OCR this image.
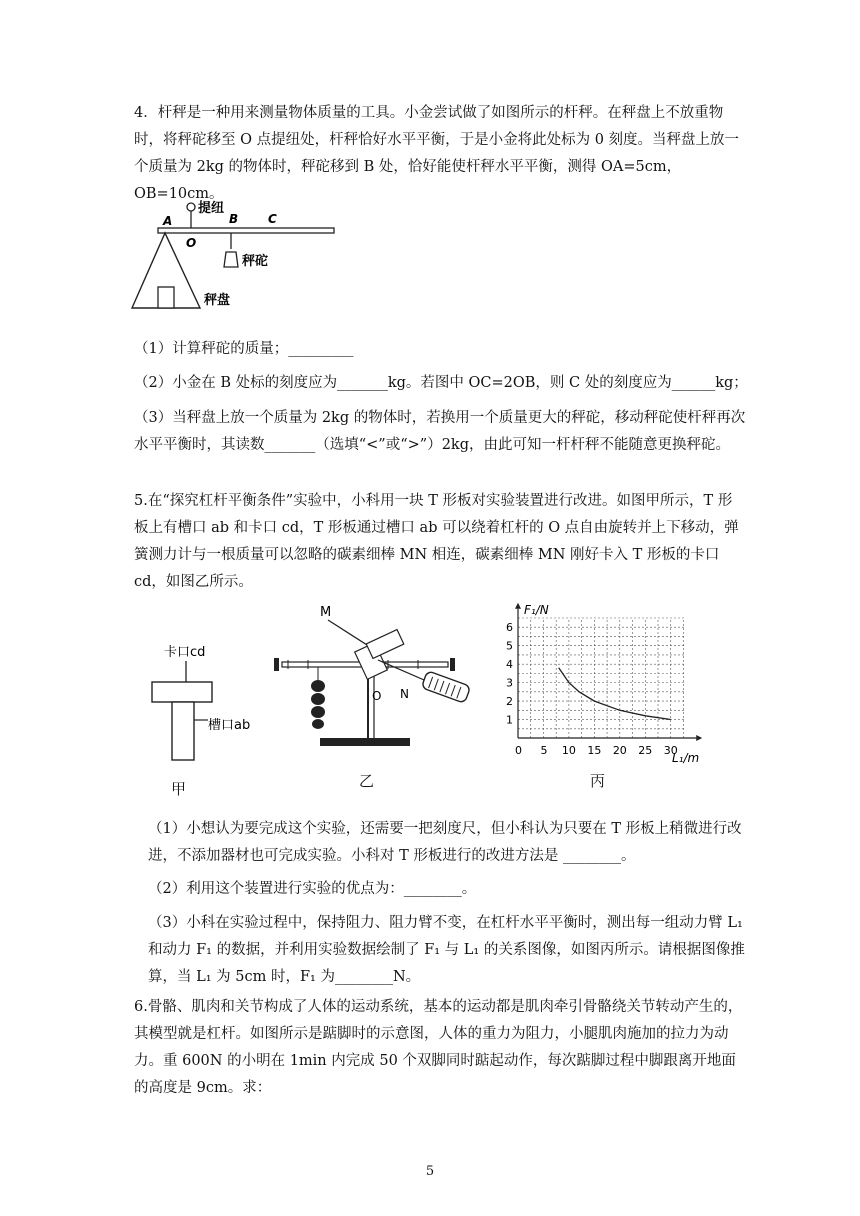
4．杆秤是一种用来测量物体质量的工具。小金尝试做了如图所示的杆秤。在秤盘上不放重物时，将秤砣移至 O 点提纽处，杆秤恰好水平平衡，于是小金将此处标为 0 刻度。当秤盘上放一个质量为 2kg 的物体时，秤砣移到 B 处，恰好能使杆秤水平平衡，测得 OA=5cm，OB=10cm。
提纽
A	B C
O
秤砣
秤盘
（1）计算秤砣的质量；_________
（2）小金在 B 处标的刻度应为_______kg。若图中 OC=2OB，则 C 处的刻度应为______kg；
（3）当秤盘上放一个质量为 2kg 的物体时，若换用一个质量更大的秤砣，移动秤砣使杆秤再次水平平衡时，其读数_______（选填“<”或“>”）2kg，由此可知一杆杆秤不能随意更换秤砣。
5.在“探究杠杆平衡条件”实验中，小科用一块 T 形板对实验装置进行改进。如图甲所示，T 形板上有槽口 ab 和卡口 cd，T 形板通过槽口 ab 可以绕着杠杆的 O 点自由旋转并上下移动，弹簧测力计与一根质量可以忽略的碳素细棒 MN 相连，碳素细棒 MN 刚好卡入 T 形板的卡口 cd，如图乙所示。
卡口cd
槽口ab
甲
M
O N
乙
0 5 10 15 20 25 30
1
2
3
4
5
6
F₁/N
L₁/m
丙
（1）小想认为要完成这个实验，还需要一把刻度尺，但小科认为只要在 T 形板上稍微进行改进，不添加器材也可完成实验。小科对 T 形板进行的改进方法是 ________。
（2）利用这个装置进行实验的优点为：________。
（3）小科在实验过程中，保持阻力、阻力臂不变，在杠杆水平平衡时，测出每一组动力臂 L₁ 和动力 F₁ 的数据，并利用实验数据绘制了 F₁ 与 L₁ 的关系图像，如图丙所示。请根据图像推算，当 L₁ 为 5cm 时，F₁ 为________N。
6.骨骼、肌肉和关节构成了人体的运动系统，基本的运动都是肌肉牵引骨骼绕关节转动产生的，其模型就是杠杆。如图所示是踮脚时的示意图，人体的重力为阻力，小腿肌肉施加的拉力为动力。重 600N 的小明在 1min 内完成 50 个双脚同时踮起动作，每次踮脚过程中脚跟离开地面的高度是 9cm。求：
5
